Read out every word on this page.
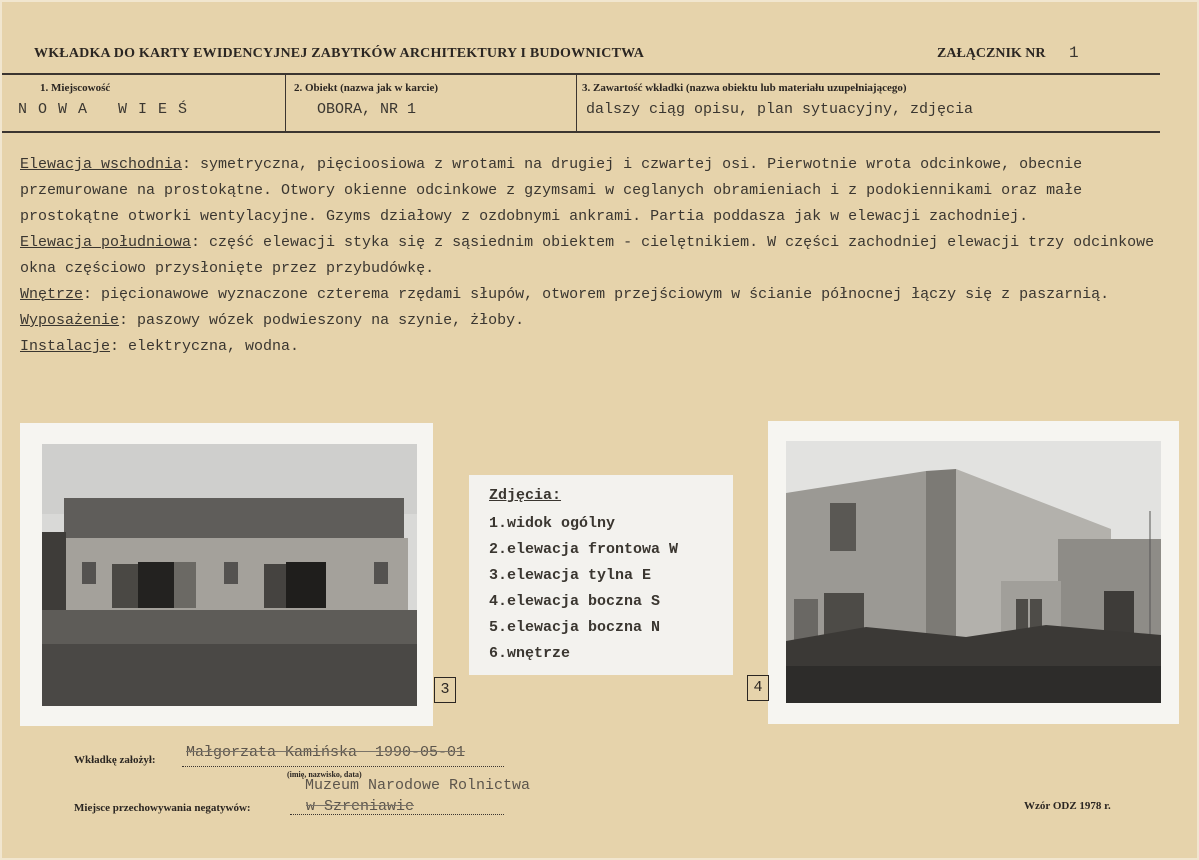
WKŁADKA DO KARTY EWIDENCYJNEJ ZABYTKÓW ARCHITEKTURY I BUDOWNICTWA	ZAŁĄCZNIK NR 1
1. Miejscowość
N O W A   W I E Ś
2. Obiekt (nazwa jak w karcie)
OBORA, NR 1
3. Zawartość wkładki (nazwa obiektu lub materiału uzupełniającego)
dalszy ciąg opisu, plan sytuacyjny, zdjęcia

Elewacja wschodnia: symetryczna, pięcioosiowa z wrotami na drugiej i czwartej osi. Pierwotnie wrota odcinkowe, obecnie przemurowane na prostokątne. Otwory okienne odcinkowe z gzymsami w ceglanych obramieniach i z podokiennikami oraz małe prostokątne otworki wentylacyjne. Gzyms działowy z ozdobnymi ankrami. Partia poddasza jak w elewacji zachodniej.

Elewacja południowa: część elewacji styka się z sąsiednim obiektem - cielętnikiem. W części zachodniej elewacji trzy odcinkowe okna częściowo przysłonięte przez przybudówkę.

Wnętrze: pięcionawowe wyznaczone czterema rzędami słupów, otworem przejściowym w ścianie północnej łączy się z paszarnią.

Wyposażenie: paszowy wózek podwieszony na szynie, żłoby.

Instalacje: elektryczna, wodna.

3
Zdjęcia:
1.widok ogólny
2.elewacja frontowa W
3.elewacja tylna E
4.elewacja boczna S
5.elewacja boczna N
6.wnętrze
4
Wkładkę założył: Małgorzata Kamińska  1990-05-01
(imię, nazwisko, data)
Miejsce przechowywania negatywów:
Muzeum Narodowe Rolnictwa
w Szreniawie	Wzór ODZ 1978 r.
